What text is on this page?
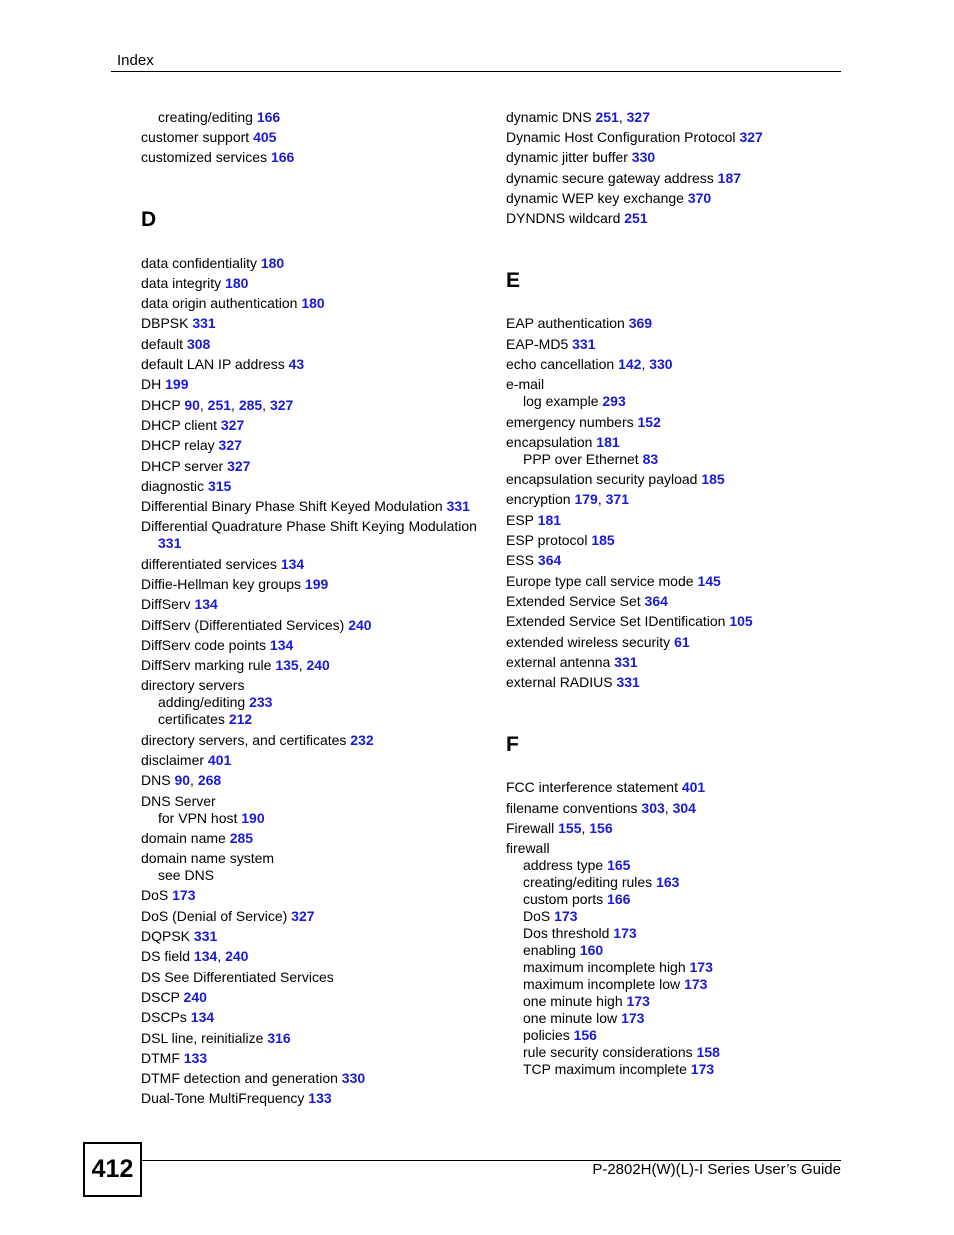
Index
creating/editing 166
customer support 405
customized services 166
D
data confidentiality 180
data integrity 180
data origin authentication 180
DBPSK 331
default 308
default LAN IP address 43
DH 199
DHCP 90, 251, 285, 327
DHCP client 327
DHCP relay 327
DHCP server 327
diagnostic 315
Differential Binary Phase Shift Keyed Modulation 331
Differential Quadrature Phase Shift Keying Modulation
331
differentiated services 134
Diffie-Hellman key groups 199
DiffServ 134
DiffServ (Differentiated Services) 240
DiffServ code points 134
DiffServ marking rule 135, 240
directory servers
adding/editing 233
certificates 212
directory servers, and certificates 232
disclaimer 401
DNS 90, 268
DNS Server
for VPN host 190
domain name 285
domain name system
see DNS
DoS 173
DoS (Denial of Service) 327
DQPSK 331
DS field 134, 240
DS See Differentiated Services
DSCP 240
DSCPs 134
DSL line, reinitialize 316
DTMF 133
DTMF detection and generation 330
Dual-Tone MultiFrequency 133
dynamic DNS 251, 327
Dynamic Host Configuration Protocol 327
dynamic jitter buffer 330
dynamic secure gateway address 187
dynamic WEP key exchange 370
DYNDNS wildcard 251
E
EAP authentication 369
EAP-MD5 331
echo cancellation 142, 330
e-mail
log example 293
emergency numbers 152
encapsulation 181
PPP over Ethernet 83
encapsulation security payload 185
encryption 179, 371
ESP 181
ESP protocol 185
ESS 364
Europe type call service mode 145
Extended Service Set 364
Extended Service Set IDentification 105
extended wireless security 61
external antenna 331
external RADIUS 331
F
FCC interference statement 401
filename conventions 303, 304
Firewall 155, 156
firewall
address type 165
creating/editing rules 163
custom ports 166
DoS 173
Dos threshold 173
enabling 160
maximum incomplete high 173
maximum incomplete low 173
one minute high 173
one minute low 173
policies 156
rule security considerations 158
TCP maximum incomplete 173
412	P-2802H(W)(L)-I Series User’s Guide
